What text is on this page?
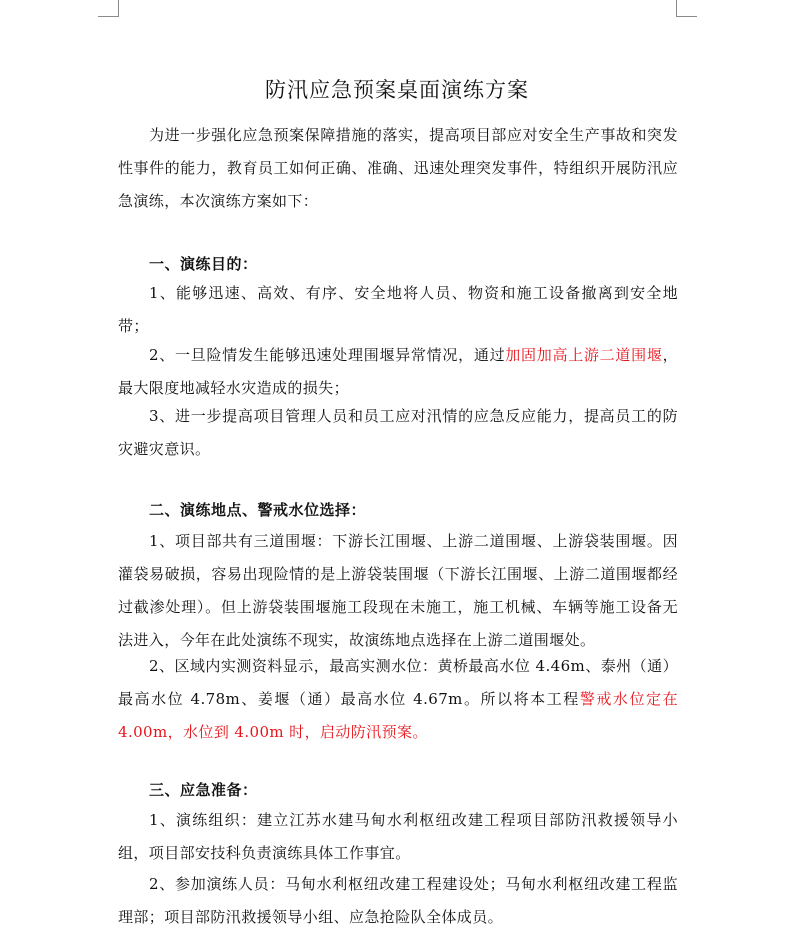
防汛应急预案桌面演练方案
为进一步强化应急预案保障措施的落实，提高项目部应对安全生产事故和突发性事件的能力，教育员工如何正确、准确、迅速处理突发事件，特组织开展防汛应急演练，本次演练方案如下：
一、演练目的：
1、能够迅速、高效、有序、安全地将人员、物资和施工设备撤离到安全地带；
2、一旦险情发生能够迅速处理围堰异常情况，通过加固加高上游二道围堰，最大限度地减轻水灾造成的损失；
3、进一步提高项目管理人员和员工应对汛情的应急反应能力，提高员工的防灾避灾意识。
二、演练地点、警戒水位选择：
1、项目部共有三道围堰：下游长江围堰、上游二道围堰、上游袋装围堰。因灌袋易破损，容易出现险情的是上游袋装围堰（下游长江围堰、上游二道围堰都经过截渗处理）。但上游袋装围堰施工段现在未施工，施工机械、车辆等施工设备无法进入，今年在此处演练不现实，故演练地点选择在上游二道围堰处。
2、区域内实测资料显示，最高实测水位：黄桥最高水位 4.46m、泰州（通）最高水位 4.78m、姜堰（通）最高水位 4.67m。所以将本工程警戒水位定在 4.00m，水位到 4.00m 时，启动防汛预案。
三、应急准备：
1、演练组织：建立江苏水建马甸水利枢纽改建工程项目部防汛救援领导小组，项目部安技科负责演练具体工作事宜。
2、参加演练人员：马甸水利枢纽改建工程建设处；马甸水利枢纽改建工程监理部；项目部防汛救援领导小组、应急抢险队全体成员。
